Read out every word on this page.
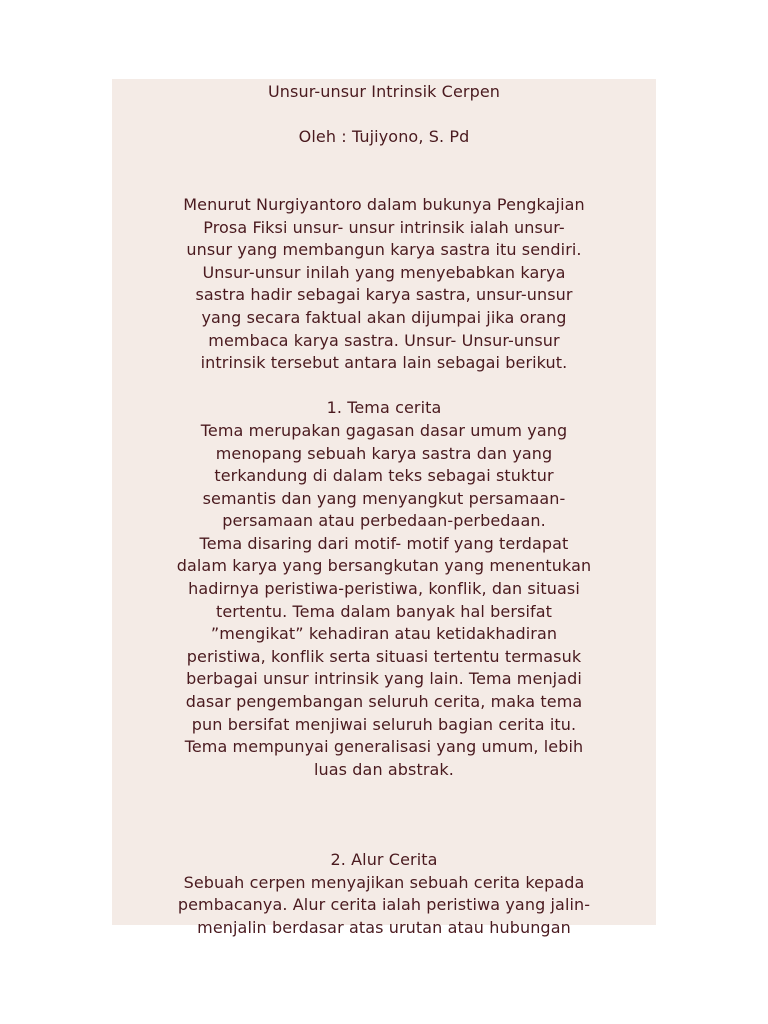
Unsur-unsur Intrinsik Cerpen
Oleh : Tujiyono, S. Pd
Menurut Nurgiyantoro dalam bukunya Pengkajian
Prosa Fiksi unsur- unsur intrinsik ialah unsur-
unsur yang membangun karya sastra itu sendiri.
Unsur-unsur inilah yang menyebabkan karya
sastra hadir sebagai karya sastra, unsur-unsur
yang secara faktual akan dijumpai jika orang
membaca karya sastra. Unsur- Unsur-unsur
intrinsik tersebut antara lain sebagai berikut.
1. Tema cerita
Tema merupakan gagasan dasar umum yang
menopang sebuah karya sastra dan yang
terkandung di dalam teks sebagai stuktur
semantis dan yang menyangkut persamaan-
persamaan atau perbedaan-perbedaan.
Tema disaring dari motif- motif yang terdapat
dalam karya yang bersangkutan yang menentukan
hadirnya peristiwa-peristiwa, konflik, dan situasi
tertentu. Tema dalam banyak hal bersifat
”mengikat” kehadiran atau ketidakhadiran
peristiwa, konflik serta situasi tertentu termasuk
berbagai unsur intrinsik yang lain. Tema menjadi
dasar pengembangan seluruh cerita, maka tema
pun bersifat menjiwai seluruh bagian cerita itu.
Tema mempunyai generalisasi yang umum, lebih
luas dan abstrak.
2. Alur Cerita
Sebuah cerpen menyajikan sebuah cerita kepada
pembacanya. Alur cerita ialah peristiwa yang jalin-
menjalin berdasar atas urutan atau hubungan
